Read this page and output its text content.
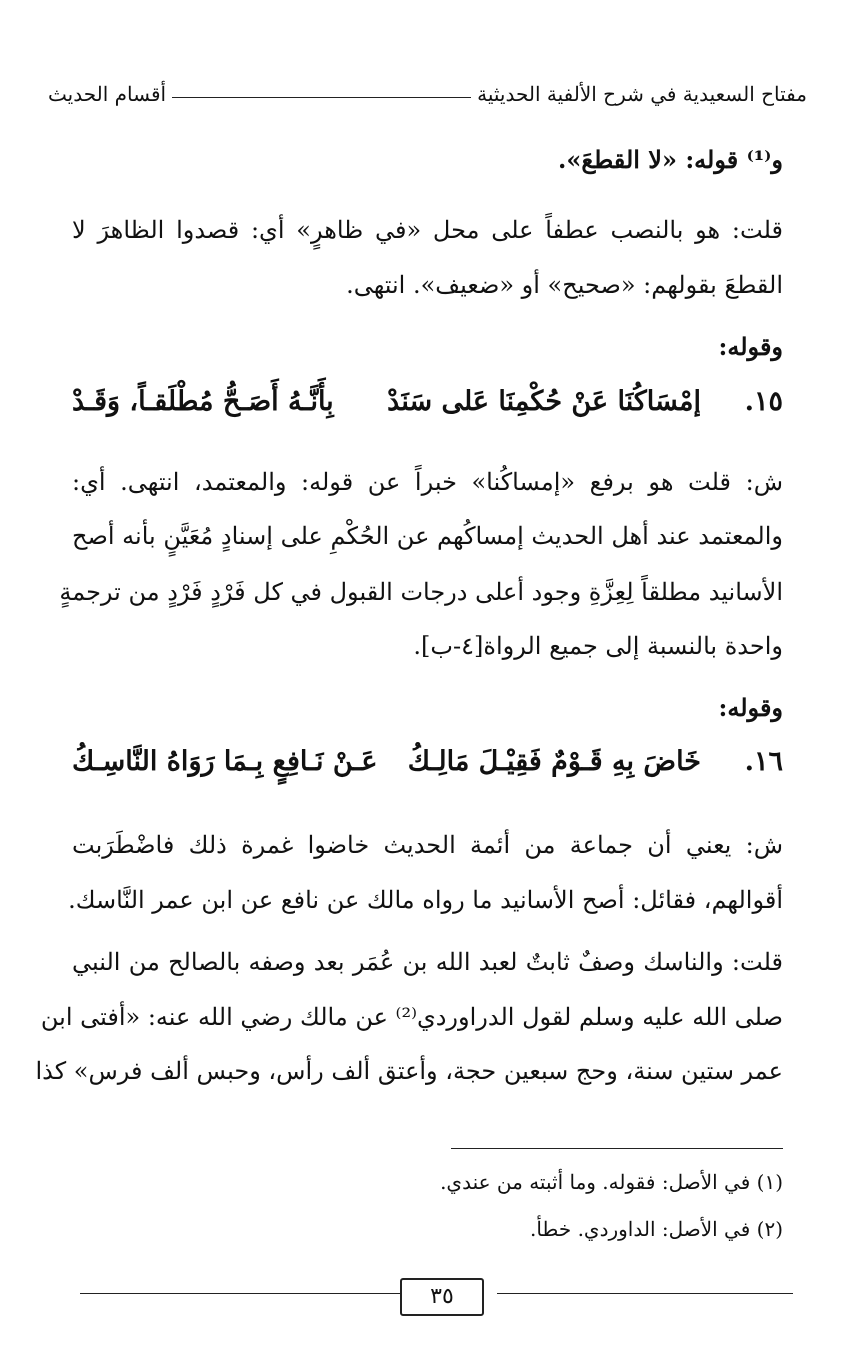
مفتاح السعيدية في شرح الألفية الحديثية
أقسام الحديث
و⁽¹⁾ قوله: «لا القطعَ».
قلت: هو بالنصب عطفاً على محل «في ظاهرٍ» أي: قصدوا الظاهرَ لا
القطعَ بقولهم: «صحيح» أو «ضعيف». انتهى.
وقوله:
١٥.
إمْسَاكُنَا عَنْ حُكْمِنَا عَلى سَنَدْ
بِأَنَّـهُ أَصَـحُّ مُطْلَقـاً، وَقَـدْ
ش: قلت هو برفع «إمساكُنا» خبراً عن قوله: والمعتمد، انتهى. أي:
والمعتمد عند أهل الحديث إمساكُهم عن الحُكْمِ على إسنادٍ مُعَيَّنٍ بأنه أصح
الأسانيد مطلقاً لِعِزَّةِ وجود أعلى درجات القبول في كل فَرْدٍ فَرْدٍ من ترجمةٍ
واحدة بالنسبة إلى جميع الرواة[٤-ب].
وقوله:
١٦.
خَاضَ بِهِ قَـوْمٌ فَقِيْـلَ مَالِـكُ
عَـنْ نَـافِعٍ بِـمَا رَوَاهُ النَّاسِـكُ
ش: يعني أن جماعة من أئمة الحديث خاضوا غمرة ذلك فاضْطَرَبت
أقوالهم، فقائل: أصح الأسانيد ما رواه مالك عن نافع عن ابن عمر النَّاسك.
قلت: والناسك وصفٌ ثابتٌ لعبد الله بن عُمَر بعد وصفه بالصالح من النبي
صلى الله عليه وسلم لقول الدراوردي⁽²⁾ عن مالك رضي الله عنه: «أفتى ابن
عمر ستين سنة، وحج سبعين حجة، وأعتق ألف رأس، وحبس ألف فرس» كذا
(١) في الأصل: فقوله. وما أثبته من عندي.
(٢) في الأصل: الداوردي. خطأ.
٣٥
